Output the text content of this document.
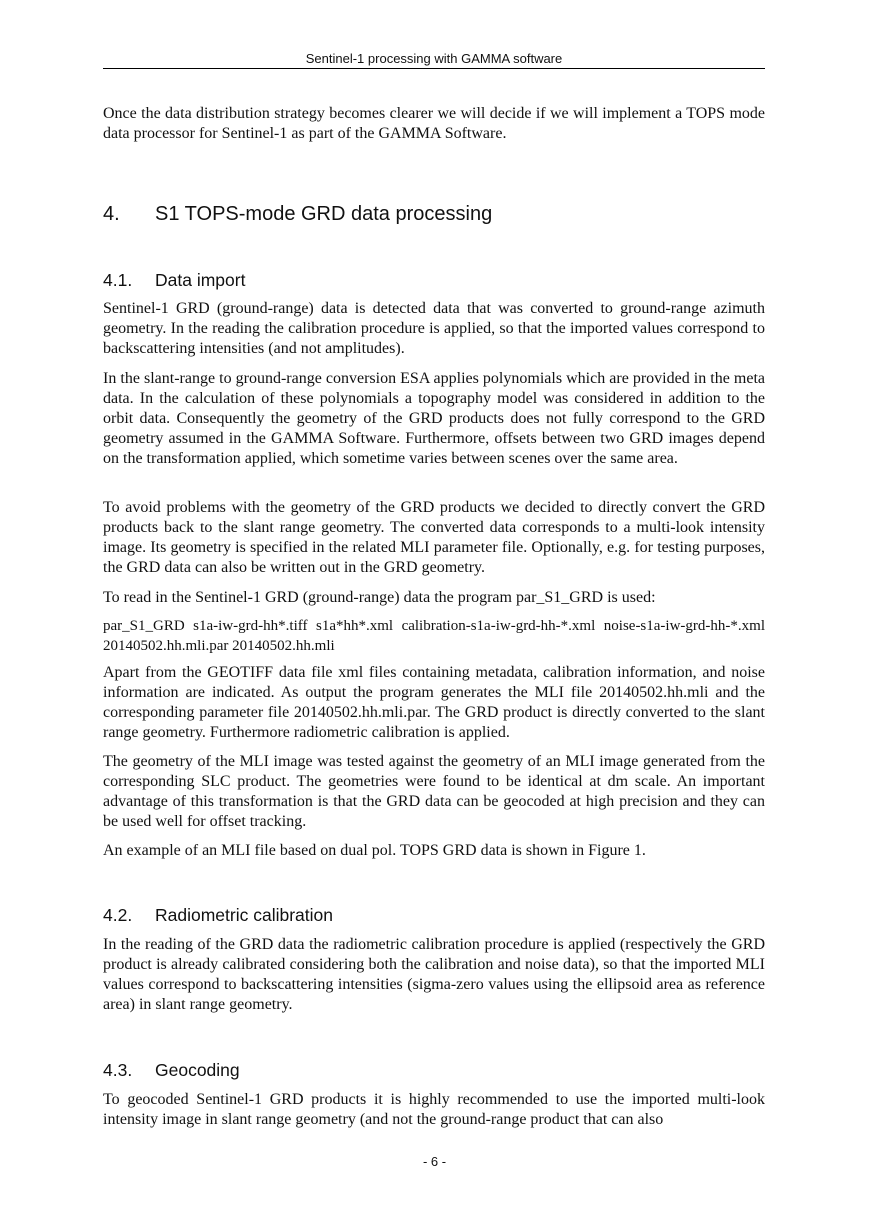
Sentinel-1 processing with GAMMA software

Once the data distribution strategy becomes clearer we will decide if we will implement a TOPS mode data processor for Sentinel-1 as part of the GAMMA Software.

4. S1 TOPS-mode GRD data processing
4.1. Data import

Sentinel-1 GRD (ground-range) data is detected data that was converted to ground-range azimuth geometry. In the reading the calibration procedure is applied, so that the imported values correspond to backscattering intensities (and not amplitudes).

In the slant-range to ground-range conversion ESA applies polynomials which are provided in the meta data. In the calculation of these polynomials a topography model was considered in addition to the orbit data. Consequently the geometry of the GRD products does not fully correspond to the GRD geometry assumed in the GAMMA Software. Furthermore, offsets between two GRD images depend on the transformation applied, which sometime varies between scenes over the same area.

To avoid problems with the geometry of the GRD products we decided to directly convert the GRD products back to the slant range geometry. The converted data corresponds to a multi-look intensity image. Its geometry is specified in the related MLI parameter file. Optionally, e.g. for testing purposes, the GRD data can also be written out in the GRD geometry.

To read in the Sentinel-1 GRD (ground-range) data the program par_S1_GRD is used:

par_S1_GRD s1a-iw-grd-hh*.tiff s1a*hh*.xml calibration-s1a-iw-grd-hh-*.xml noise-s1a-iw-grd-hh-*.xml 20140502.hh.mli.par 20140502.hh.mli

Apart from the GEOTIFF data file xml files containing metadata, calibration information, and noise information are indicated. As output the program generates the MLI file 20140502.hh.mli and the corresponding parameter file 20140502.hh.mli.par. The GRD product is directly converted to the slant range geometry. Furthermore radiometric calibration is applied.

The geometry of the MLI image was tested against the geometry of an MLI image generated from the corresponding SLC product. The geometries were found to be identical at dm scale. An important advantage of this transformation is that the GRD data can be geocoded at high precision and they can be used well for offset tracking.

An example of an MLI file based on dual pol. TOPS GRD data is shown in Figure 1.

4.2. Radiometric calibration

In the reading of the GRD data the radiometric calibration procedure is applied (respectively the GRD product is already calibrated considering both the calibration and noise data), so that the imported MLI values correspond to backscattering intensities (sigma-zero values using the ellipsoid area as reference area) in slant range geometry.

4.3. Geocoding

To geocoded Sentinel-1 GRD products it is highly recommended to use the imported multi-look intensity image in slant range geometry (and not the ground-range product that can also

- 6 -
